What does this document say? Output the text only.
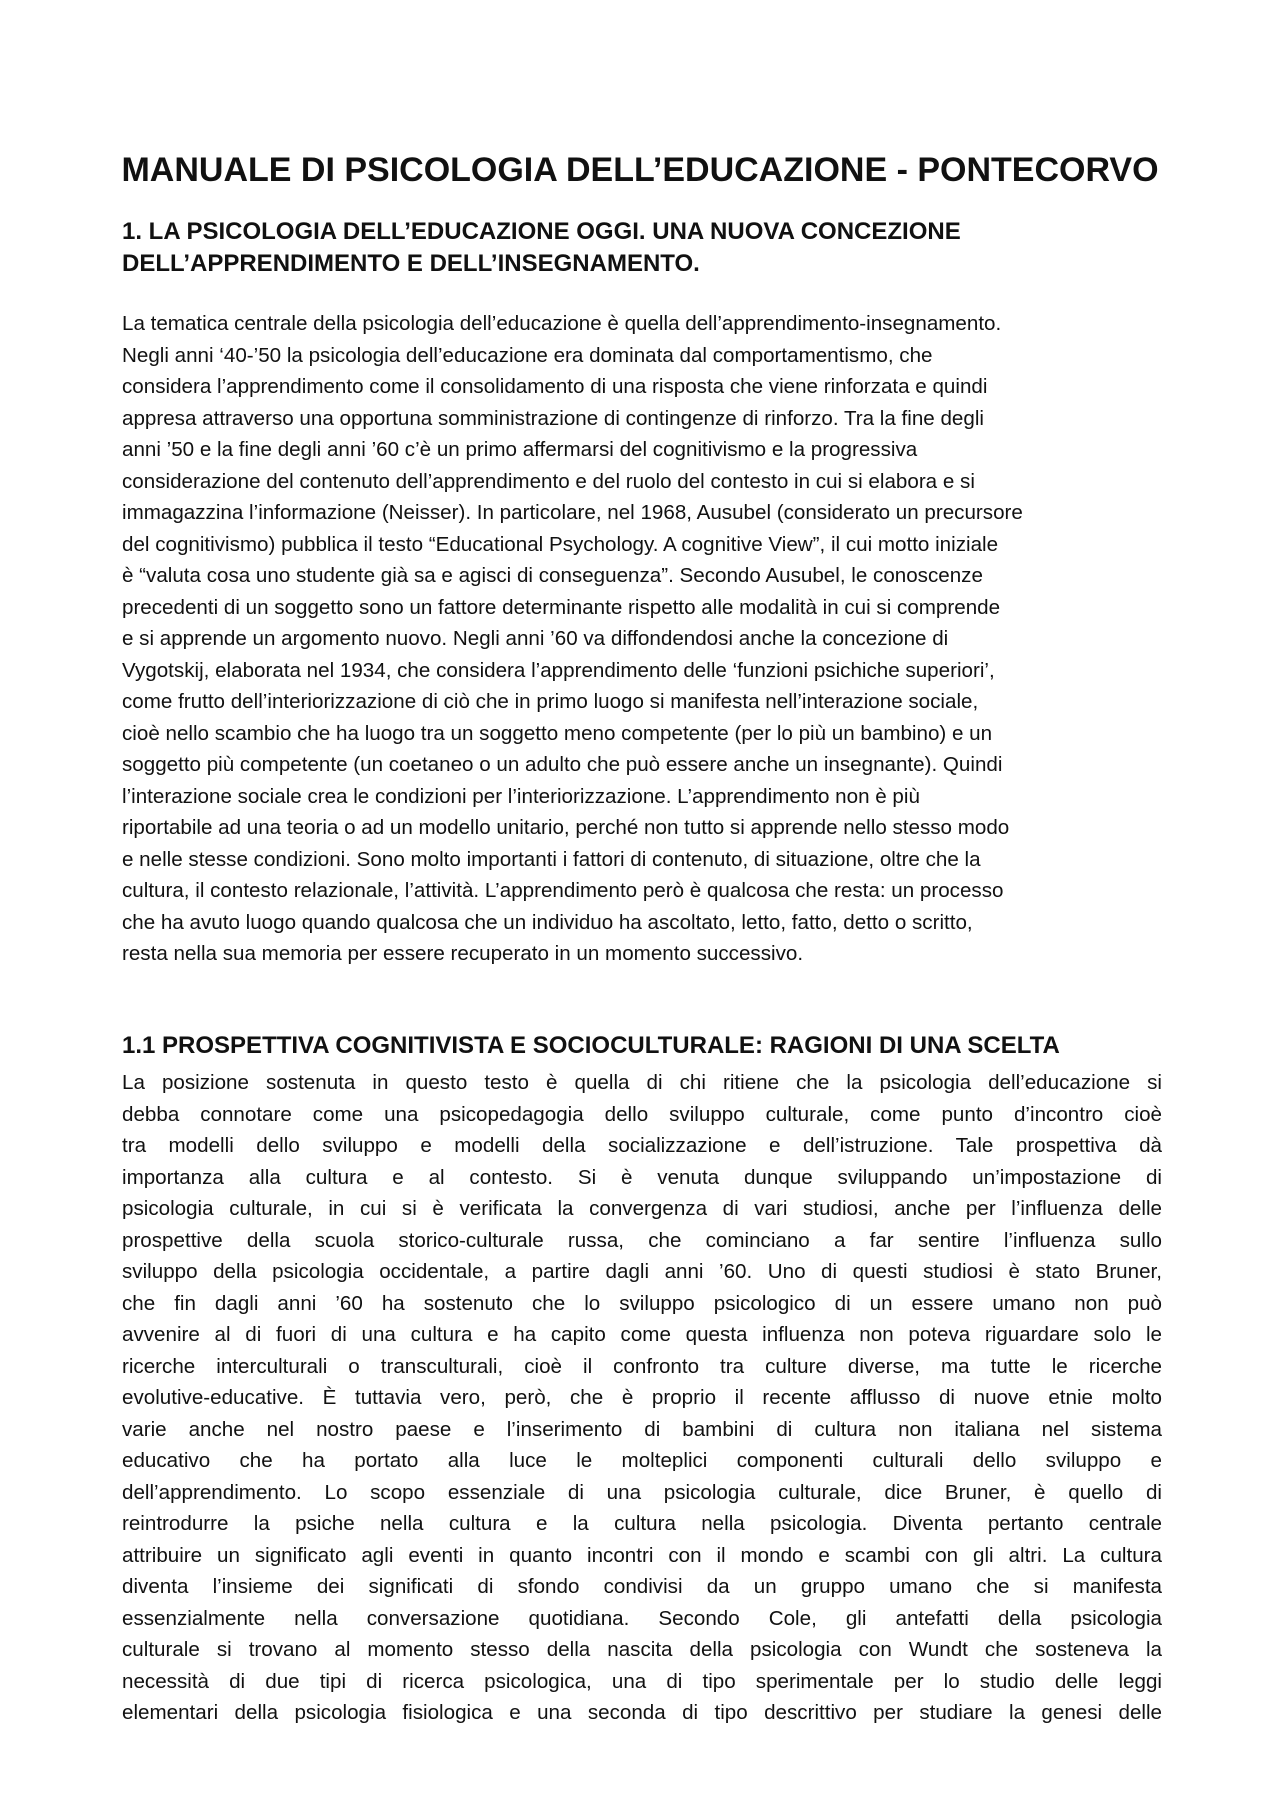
MANUALE DI PSICOLOGIA DELL’EDUCAZIONE - PONTECORVO
1. LA PSICOLOGIA DELL’EDUCAZIONE OGGI. UNA NUOVA CONCEZIONE
DELL’APPRENDIMENTO E DELL’INSEGNAMENTO.
La tematica centrale della psicologia dell’educazione è quella dell’apprendimento-insegnamento.
Negli anni ‘40-’50 la psicologia dell’educazione era dominata dal comportamentismo, che
considera l’apprendimento come il consolidamento di una risposta che viene rinforzata e quindi
appresa attraverso una opportuna somministrazione di contingenze di rinforzo. Tra la fine degli
anni ’50 e la fine degli anni ’60 c’è un primo affermarsi del cognitivismo e la progressiva
considerazione del contenuto dell’apprendimento e del ruolo del contesto in cui si elabora e si
immagazzina l’informazione (Neisser). In particolare, nel 1968, Ausubel (considerato un precursore
del cognitivismo) pubblica il testo “Educational Psychology. A cognitive View”, il cui motto iniziale
è “valuta cosa uno studente già sa e agisci di conseguenza”. Secondo Ausubel, le conoscenze
precedenti di un soggetto sono un fattore determinante rispetto alle modalità in cui si comprende
e si apprende un argomento nuovo. Negli anni ’60 va diffondendosi anche la concezione di
Vygotskij, elaborata nel 1934, che considera l’apprendimento delle ‘funzioni psichiche superiori’,
come frutto dell’interiorizzazione di ciò che in primo luogo si manifesta nell’interazione sociale,
cioè nello scambio che ha luogo tra un soggetto meno competente (per lo più un bambino) e un
soggetto più competente (un coetaneo o un adulto che può essere anche un insegnante). Quindi
l’interazione sociale crea le condizioni per l’interiorizzazione. L’apprendimento non è più
riportabile ad una teoria o ad un modello unitario, perché non tutto si apprende nello stesso modo
e nelle stesse condizioni. Sono molto importanti i fattori di contenuto, di situazione, oltre che la
cultura, il contesto relazionale, l’attività. L’apprendimento però è qualcosa che resta: un processo
che ha avuto luogo quando qualcosa che un individuo ha ascoltato, letto, fatto, detto o scritto,
resta nella sua memoria per essere recuperato in un momento successivo.
1.1 PROSPETTIVA COGNITIVISTA E SOCIOCULTURALE: RAGIONI DI UNA SCELTA
La posizione sostenuta in questo testo è quella di chi ritiene che la psicologia dell’educazione si
debba connotare come una psicopedagogia dello sviluppo culturale, come punto d’incontro cioè
tra modelli dello sviluppo e modelli della socializzazione e dell’istruzione. Tale prospettiva dà
importanza alla cultura e al contesto. Si è venuta dunque sviluppando un’impostazione di
psicologia culturale, in cui si è verificata la convergenza di vari studiosi, anche per l’influenza delle
prospettive della scuola storico-culturale russa, che cominciano a far sentire l’influenza sullo
sviluppo della psicologia occidentale, a partire dagli anni ’60. Uno di questi studiosi è stato Bruner,
che fin dagli anni ’60 ha sostenuto che lo sviluppo psicologico di un essere umano non può
avvenire al di fuori di una cultura e ha capito come questa influenza non poteva riguardare solo le
ricerche interculturali o transculturali, cioè il confronto tra culture diverse, ma tutte le ricerche
evolutive-educative. È tuttavia vero, però, che è proprio il recente afflusso di nuove etnie molto
varie anche nel nostro paese e l’inserimento di bambini di cultura non italiana nel sistema
educativo che ha portato alla luce le molteplici componenti culturali dello sviluppo e
dell’apprendimento. Lo scopo essenziale di una psicologia culturale, dice Bruner, è quello di
reintrodurre la psiche nella cultura e la cultura nella psicologia. Diventa pertanto centrale
attribuire un significato agli eventi in quanto incontri con il mondo e scambi con gli altri. La cultura
diventa l’insieme dei significati di sfondo condivisi da un gruppo umano che si manifesta
essenzialmente nella conversazione quotidiana. Secondo Cole, gli antefatti della psicologia
culturale si trovano al momento stesso della nascita della psicologia con Wundt che sosteneva la
necessità di due tipi di ricerca psicologica, una di tipo sperimentale per lo studio delle leggi
elementari della psicologia fisiologica e una seconda di tipo descrittivo per studiare la genesi delle
